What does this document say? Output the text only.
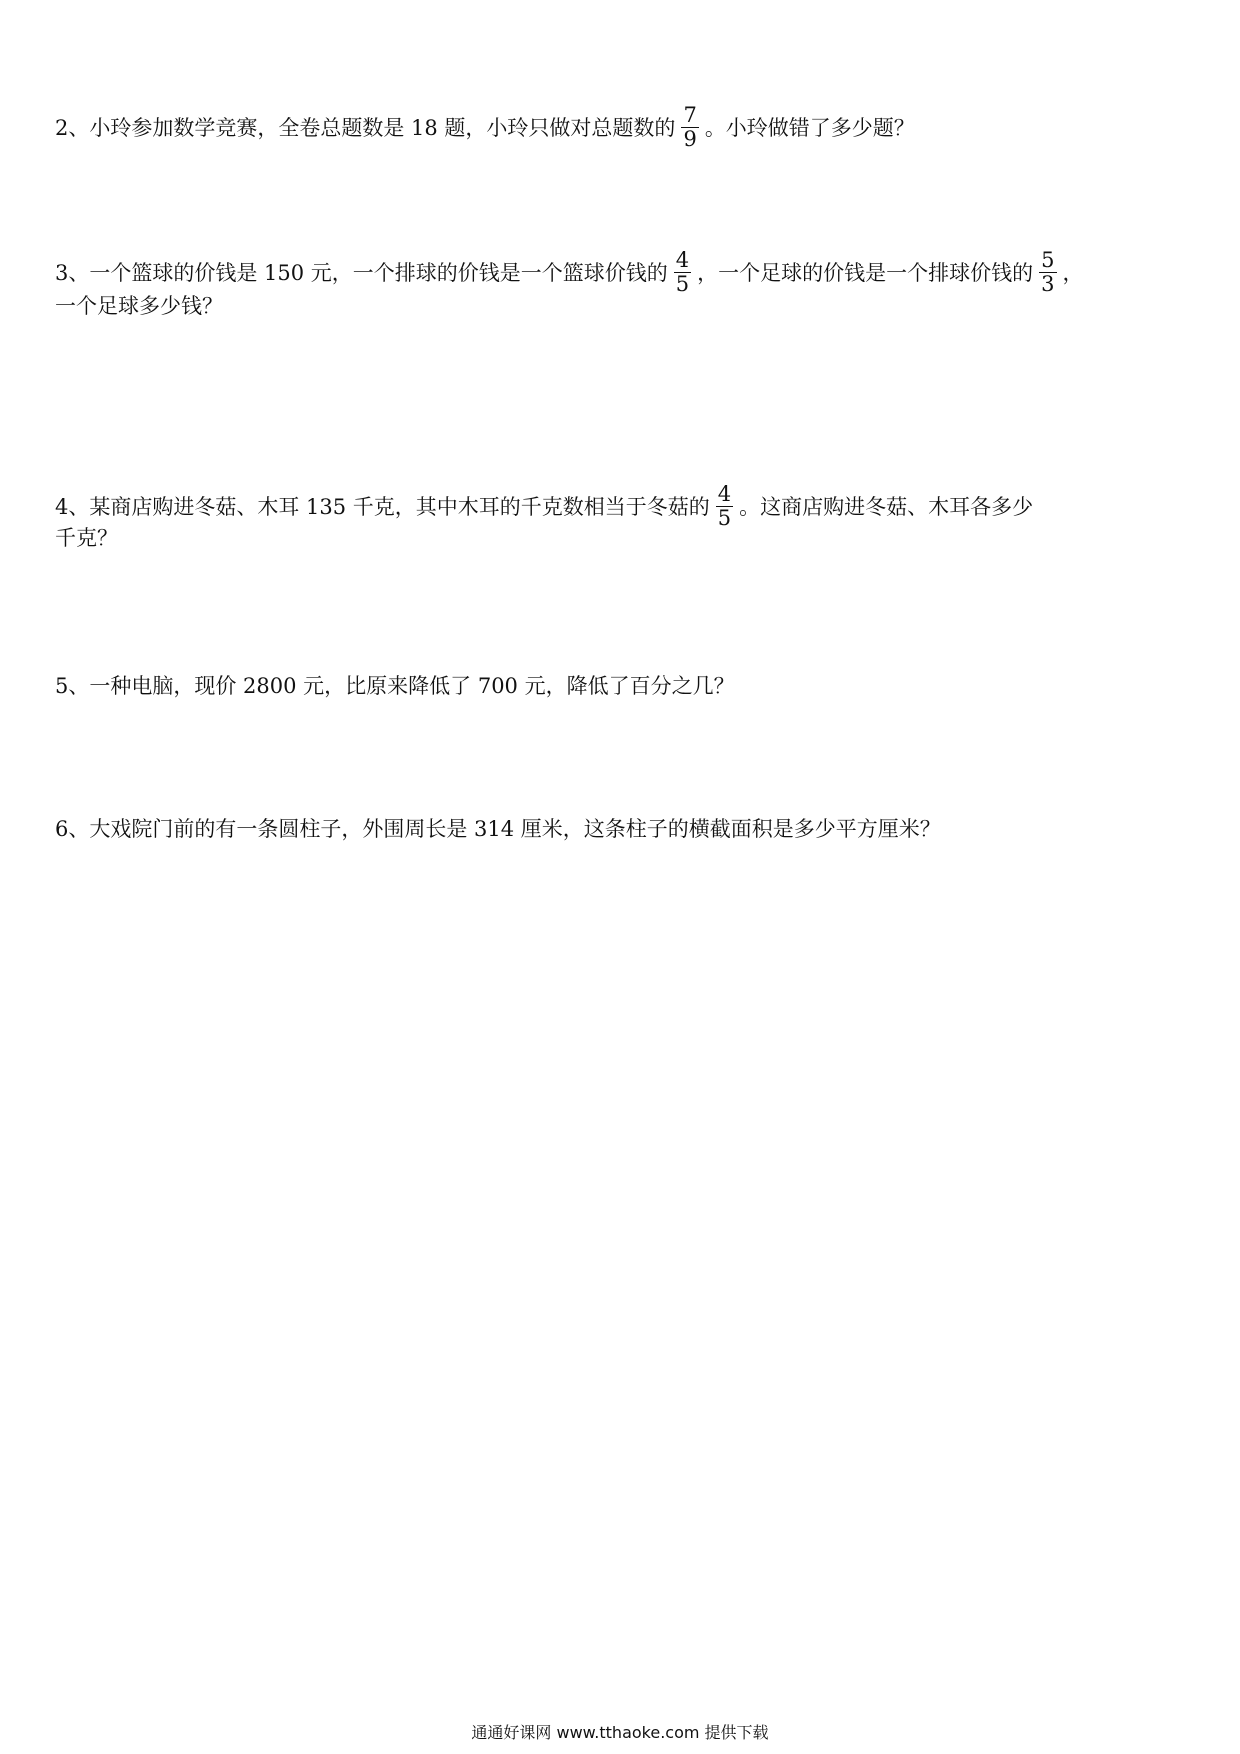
2、小玲参加数学竞赛，全卷总题数是 18 题，小玲只做对总题数的 $\frac{7}{9}$ 。小玲做错了多少题？
3、一个篮球的价钱是 150 元，一个排球的价钱是一个篮球价钱的 $\frac{4}{5}$ ，一个足球的价钱是一个排球价钱的 $\frac{5}{3}$ ，
一个足球多少钱？
4、某商店购进冬菇、木耳 135 千克，其中木耳的千克数相当于冬菇的 $\frac{4}{5}$ 。这商店购进冬菇、木耳各多少
千克？
5、一种电脑，现价 2800 元，比原来降低了 700 元，降低了百分之几？
6、大戏院门前的有一条圆柱子，外围周长是 314 厘米，这条柱子的横截面积是多少平方厘米？
通通好课网 www.tthaoke.com 提供下载
